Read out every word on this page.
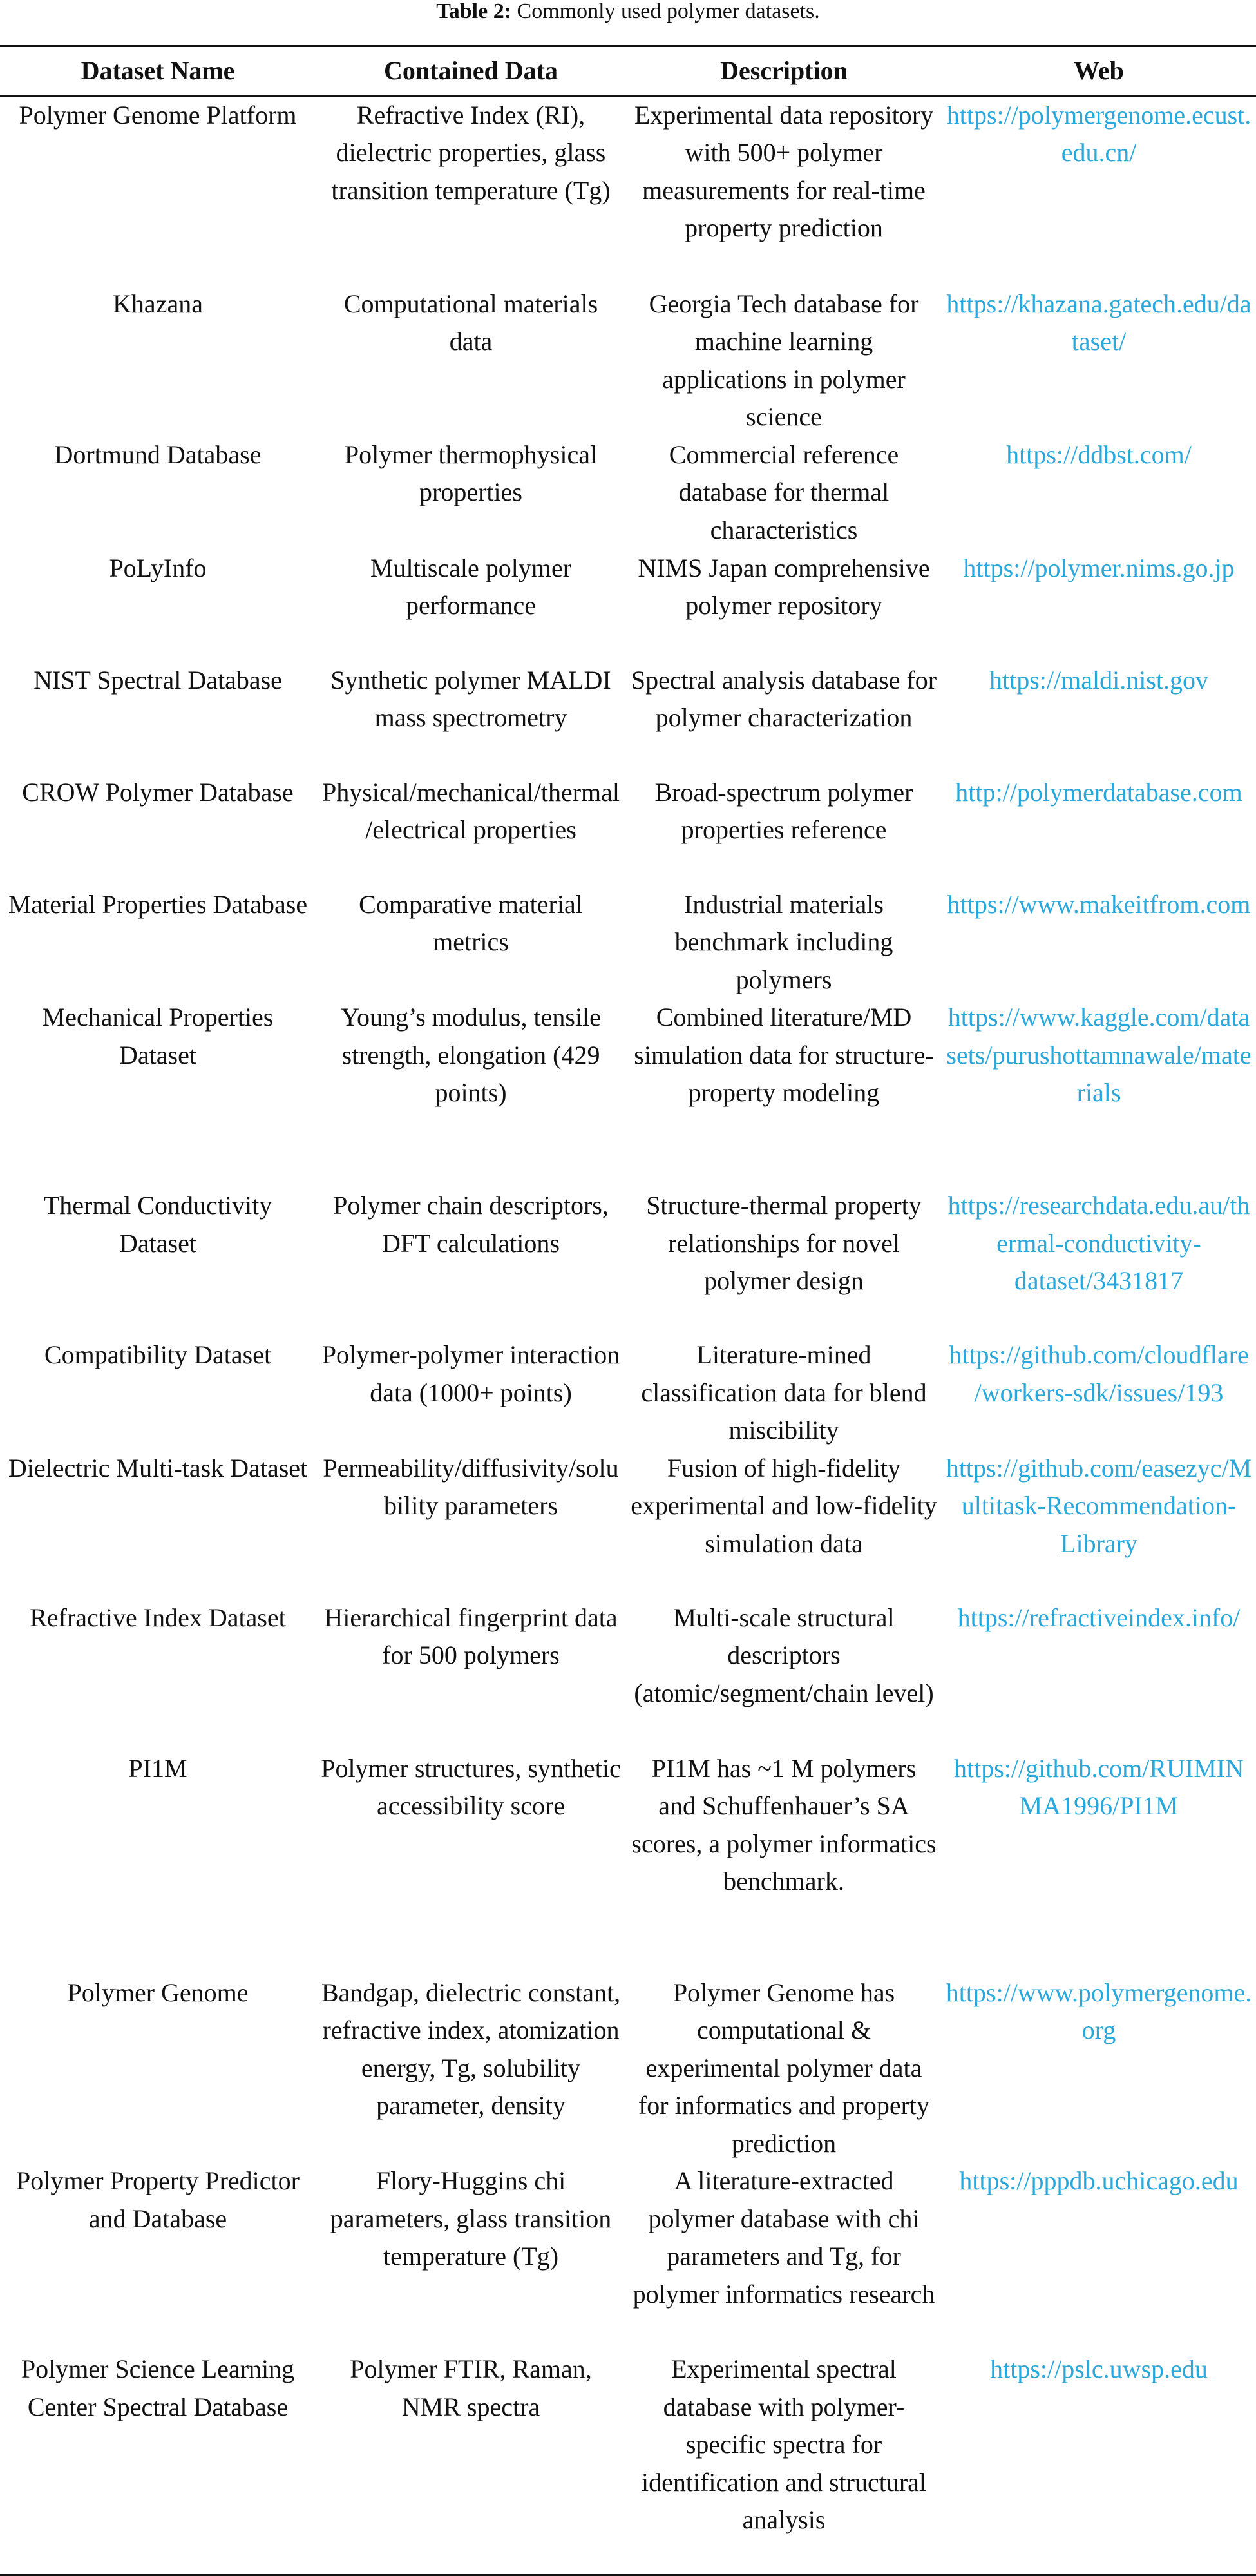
Table 2: Commonly used polymer datasets.
Dataset Name	Contained Data	Description	Web
Polymer Genome Platform	Refractive Index (RI), dielectric properties, glass transition temperature (Tg)	Experimental data repository with 500+ polymer measurements for real-time property prediction	https://polymergenome.ecust.edu.cn/
Khazana	Computational materials data	Georgia Tech database for machine learning applications in polymer science	https://khazana.gatech.edu/dataset/
Dortmund Database	Polymer thermophysical properties	Commercial reference database for thermal characteristics	https://ddbst.com/
PoLyInfo	Multiscale polymer performance	NIMS Japan comprehensive polymer repository	https://polymer.nims.go.jp
NIST Spectral Database	Synthetic polymer MALDI mass spectrometry	Spectral analysis database for polymer characterization	https://maldi.nist.gov
CROW Polymer Database	Physical/mechanical/thermal/electrical properties	Broad-spectrum polymer properties reference	http://polymerdatabase.com
Material Properties Database	Comparative material metrics	Industrial materials benchmark including polymers	https://www.makeitfrom.com
Mechanical Properties Dataset	Young’s modulus, tensile strength, elongation (429 points)	Combined literature/MD simulation data for structure-property modeling	https://www.kaggle.com/datasets/purushottamnawale/materials
Thermal Conductivity Dataset	Polymer chain descriptors, DFT calculations	Structure-thermal property relationships for novel polymer design	https://researchdata.edu.au/thermal-conductivity-dataset/3431817
Compatibility Dataset	Polymer-polymer interaction data (1000+ points)	Literature-mined classification data for blend miscibility	https://github.com/cloudflare/workers-sdk/issues/193
Dielectric Multi-task Dataset	Permeability/diffusivity/solubility parameters	Fusion of high-fidelity experimental and low-fidelity simulation data	https://github.com/easezyc/Multitask-Recommendation-Library
Refractive Index Dataset	Hierarchical fingerprint data for 500 polymers	Multi-scale structural descriptors (atomic/segment/chain level)	https://refractiveindex.info/
PI1M	Polymer structures, synthetic accessibility score	PI1M has ~1 M polymers and Schuffenhauer’s SA scores, a polymer informatics benchmark.	https://github.com/RUIMINMA1996/PI1M
Polymer Genome	Bandgap, dielectric constant, refractive index, atomization energy, Tg, solubility parameter, density	Polymer Genome has computational & experimental polymer data for informatics and property prediction	https://www.polymergenome.org
Polymer Property Predictor and Database	Flory-Huggins chi parameters, glass transition temperature (Tg)	A literature-extracted polymer database with chi parameters and Tg, for polymer informatics research	https://pppdb.uchicago.edu
Polymer Science Learning Center Spectral Database	Polymer FTIR, Raman, NMR spectra	Experimental spectral database with polymer-specific spectra for identification and structural analysis	https://pslc.uwsp.edu
